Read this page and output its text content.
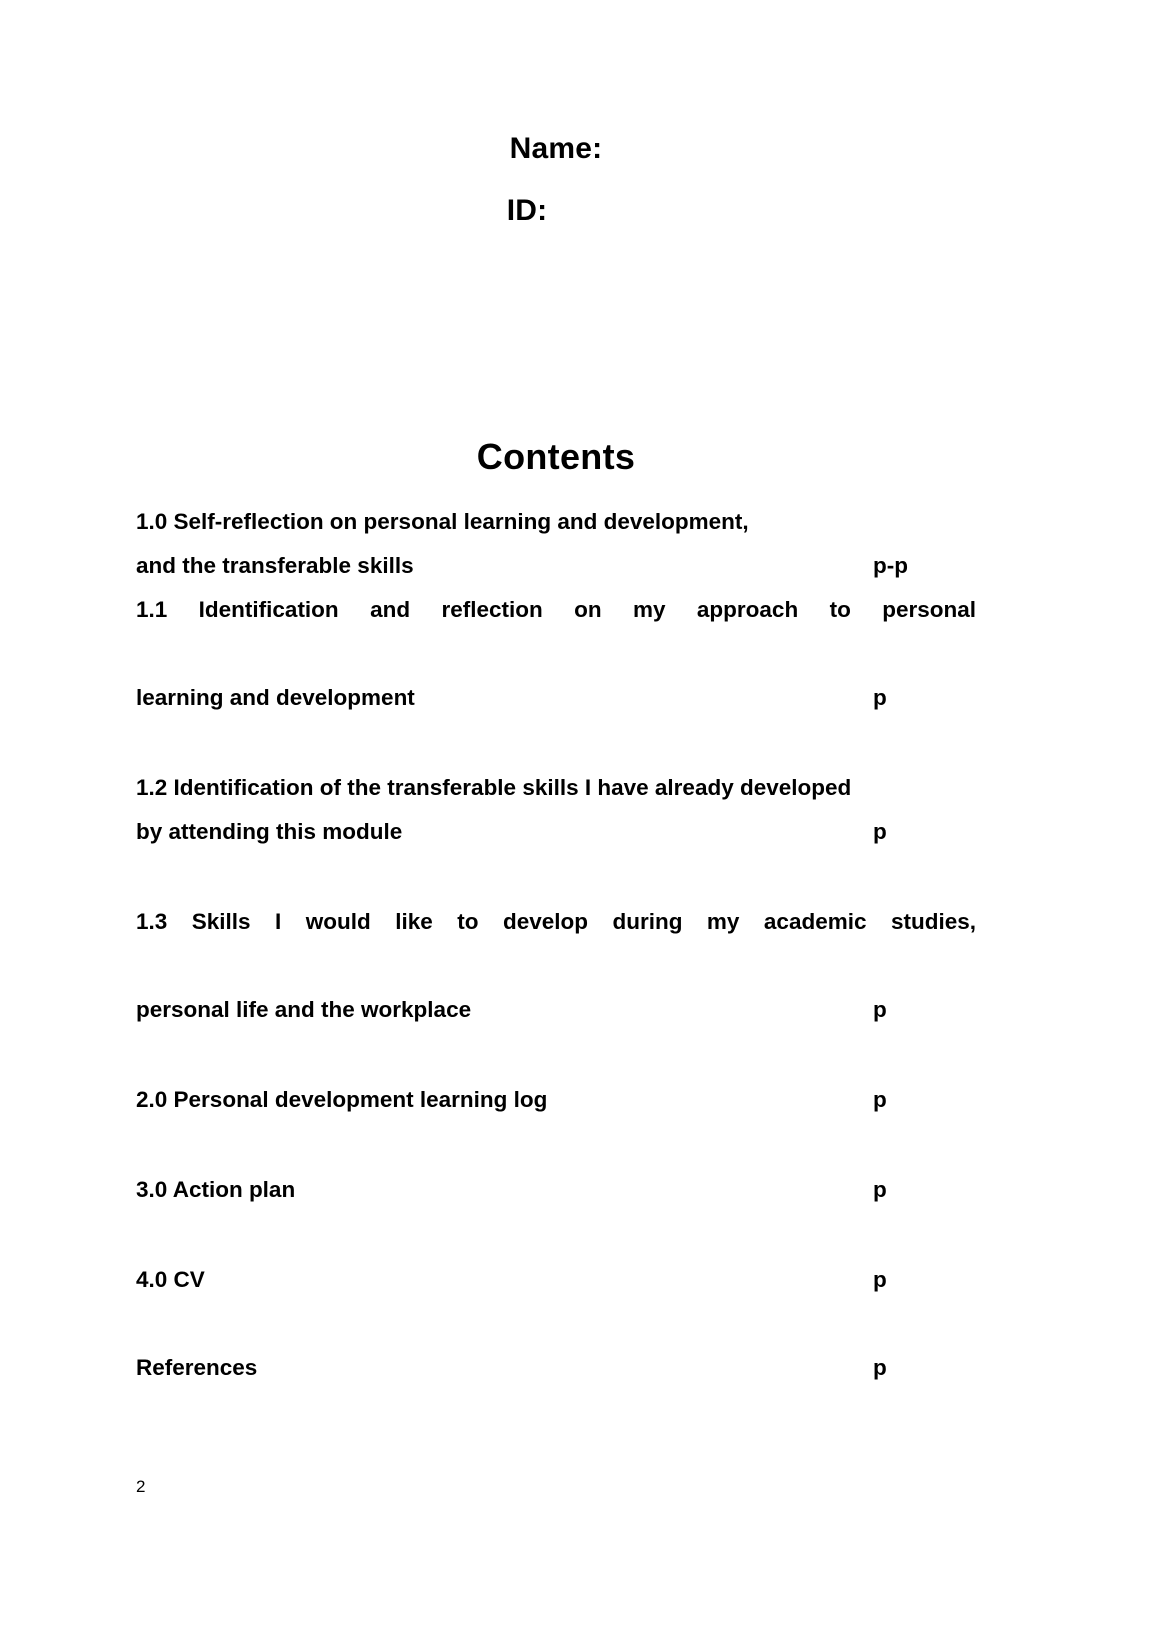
Name:
ID:
Contents
1.0 Self-reflection on personal learning and development,
and the transferable skills	p-p
1.1 Identification and reflection on my approach to personal
learning and development	p
1.2 Identification of the transferable skills I have already developed
by attending this module	p
1.3 Skills I would like to develop during my academic studies,
personal life and the workplace	p
2.0 Personal development learning log	p
3.0 Action plan	p
4.0 CV	p
References	p
2
